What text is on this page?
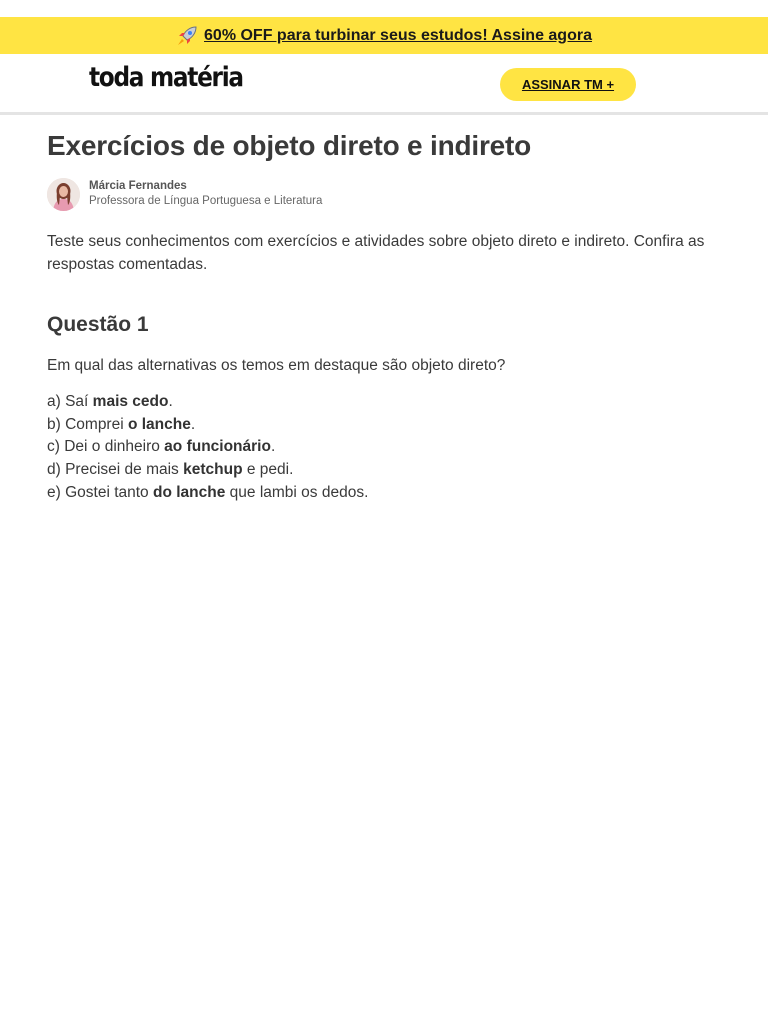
60% OFF para turbinar seus estudos! Assine agora
toda matéria	ASSINAR TM +
Exercícios de objeto direto e indireto
Márcia Fernandes
Professora de Língua Portuguesa e Literatura

Teste seus conhecimentos com exercícios e atividades sobre objeto direto e indireto. Confira as respostas comentadas.

Questão 1

Em qual das alternativas os temos em destaque são objeto direto?

a) Saí mais cedo.
b) Comprei o lanche.
c) Dei o dinheiro ao funcionário.
d) Precisei de mais ketchup e pedi.
e) Gostei tanto do lanche que lambi os dedos.
